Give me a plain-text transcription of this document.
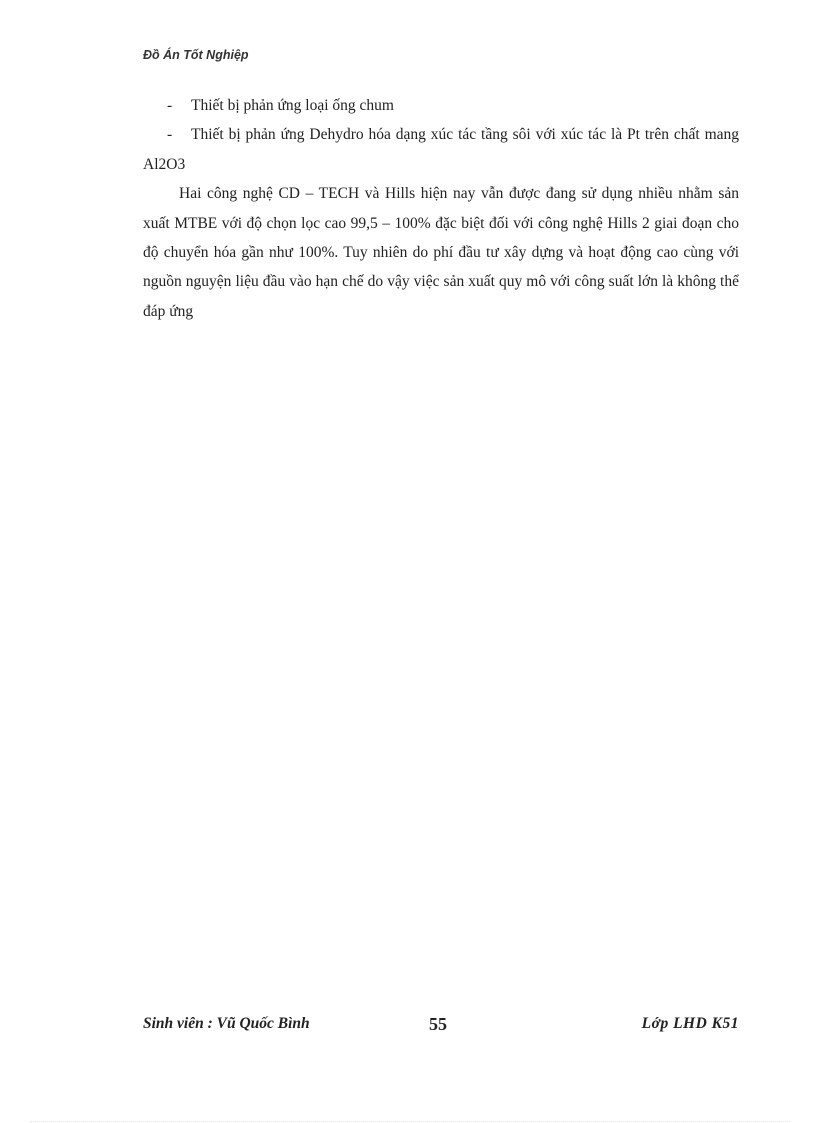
Đồ Án Tốt Nghiệp

- Thiết bị phản ứng loại ống chum

- Thiết bị phản ứng Dehydro hóa dạng xúc tác tầng sôi với xúc tác là Pt trên chất mang Al2O3

Hai công nghệ CD – TECH và Hills hiện nay vẫn được đang sử dụng nhiều nhằm sản xuất MTBE với độ chọn lọc cao 99,5 – 100% đặc biệt đối với công nghệ Hills 2 giai đoạn cho độ chuyển hóa gần như 100%. Tuy nhiên do phí đầu tư xây dựng và hoạt động cao cùng với nguồn nguyện liệu đầu vào hạn chế do vậy việc sản xuất quy mô với công suất lớn là không thể đáp ứng

Sinh viên : Vũ Quốc Bình	55	Lớp LHD K51
